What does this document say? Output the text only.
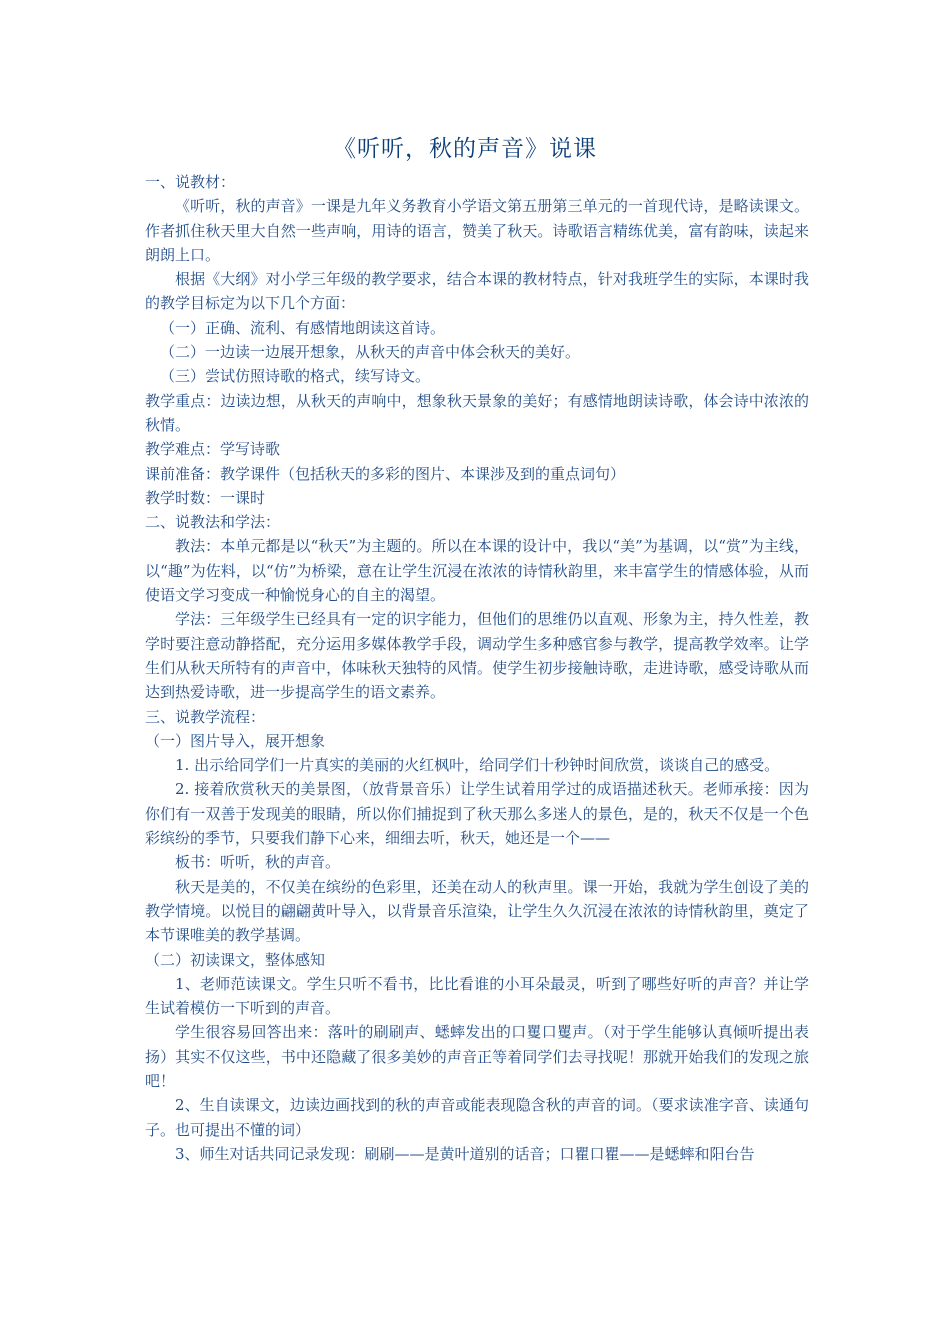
《听听，秋的声音》说课

一、说教材：

《听听，秋的声音》一课是九年义务教育小学语文第五册第三单元的一首现代诗，是略读课文。作者抓住秋天里大自然一些声响，用诗的语言，赞美了秋天。诗歌语言精练优美，富有韵味，读起来朗朗上口。

根据《大纲》对小学三年级的教学要求，结合本课的教材特点，针对我班学生的实际，本课时我的教学目标定为以下几个方面：

（一）正确、流利、有感情地朗读这首诗。

（二）一边读一边展开想象，从秋天的声音中体会秋天的美好。

（三）尝试仿照诗歌的格式，续写诗文。

教学重点：边读边想，从秋天的声响中，想象秋天景象的美好；有感情地朗读诗歌，体会诗中浓浓的秋情。

教学难点：学写诗歌

课前准备：教学课件（包括秋天的多彩的图片、本课涉及到的重点词句）

教学时数：一课时

二、说教法和学法：

教法：本单元都是以“秋天”为主题的。所以在本课的设计中，我以“美”为基调，以“赏”为主线，以“趣”为佐料，以“仿”为桥梁，意在让学生沉浸在浓浓的诗情秋韵里，来丰富学生的情感体验，从而使语文学习变成一种愉悦身心的自主的渴望。

学法：三年级学生已经具有一定的识字能力，但他们的思维仍以直观、形象为主，持久性差，教学时要注意动静搭配，充分运用多媒体教学手段，调动学生多种感官参与教学，提高教学效率。让学生们从秋天所特有的声音中，体味秋天独特的风情。使学生初步接触诗歌，走进诗歌，感受诗歌从而达到热爱诗歌，进一步提高学生的语文素养。

三、说教学流程：

（一）图片导入，展开想象

1. 出示给同学们一片真实的美丽的火红枫叶，给同学们十秒钟时间欣赏，谈谈自己的感受。

2. 接着欣赏秋天的美景图，（放背景音乐）让学生试着用学过的成语描述秋天。老师承接：因为你们有一双善于发现美的眼睛，所以你们捕捉到了秋天那么多迷人的景色，是的，秋天不仅是一个色彩缤纷的季节，只要我们静下心来，细细去听，秋天，她还是一个——

板书：听听，秋的声音。

秋天是美的，不仅美在缤纷的色彩里，还美在动人的秋声里。课一开始，我就为学生创设了美的教学情境。以悦目的翩翩黄叶导入，以背景音乐渲染，让学生久久沉浸在浓浓的诗情秋韵里，奠定了本节课唯美的教学基调。

（二）初读课文，整体感知

1、老师范读课文。学生只听不看书，比比看谁的小耳朵最灵，听到了哪些好听的声音？并让学生试着模仿一下听到的声音。

学生很容易回答出来：落叶的刷刷声、蟋蟀发出的口矍口矍声。（对于学生能够认真倾听提出表扬）其实不仅这些，书中还隐藏了很多美妙的声音正等着同学们去寻找呢！那就开始我们的发现之旅吧！

2、生自读课文，边读边画找到的秋的声音或能表现隐含秋的声音的词。（要求读准字音、读通句子。也可提出不懂的词）

3、师生对话共同记录发现：刷刷——是黄叶道别的话音；口瞿口瞿——是蟋蟀和阳台告
